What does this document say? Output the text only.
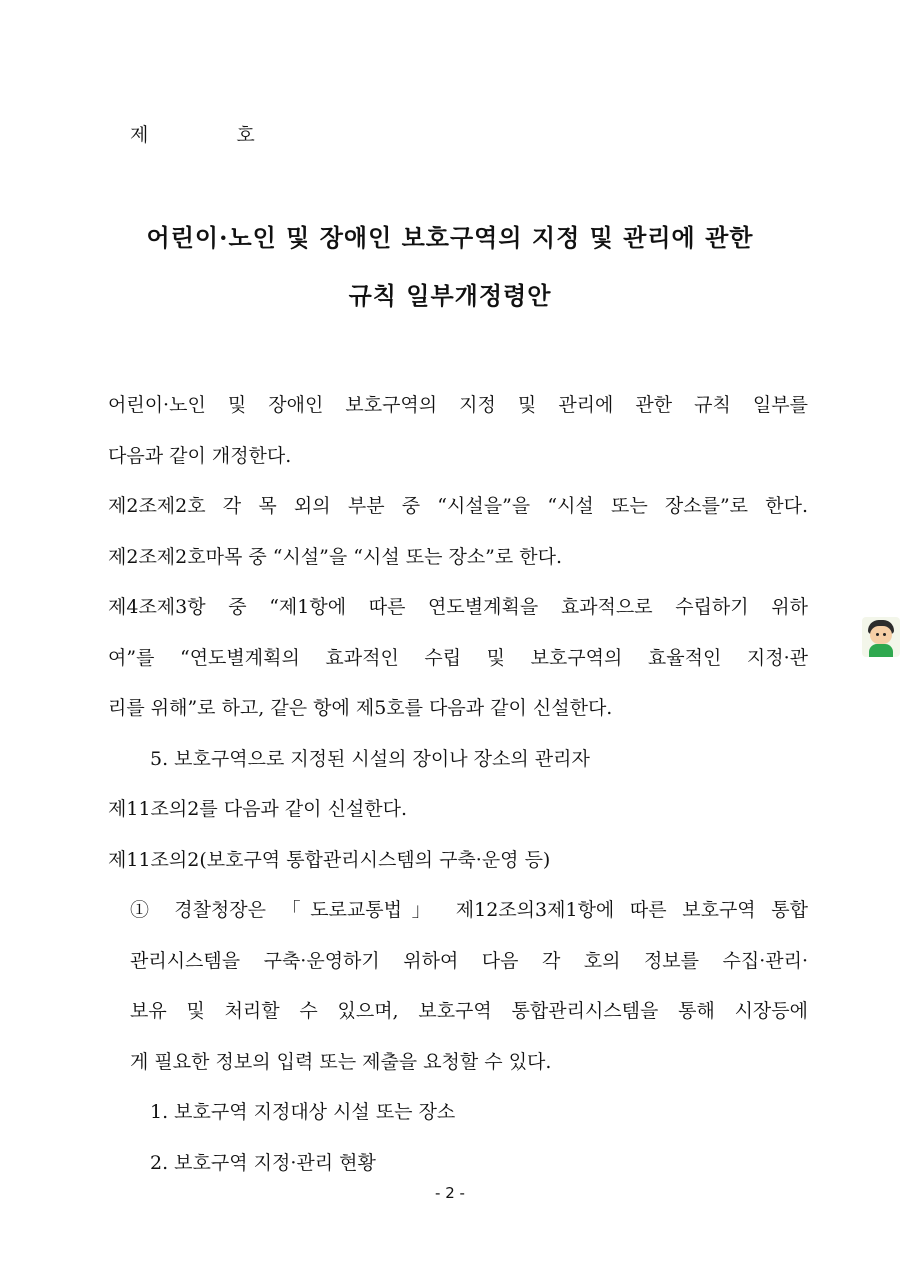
제	호
어린이·노인 및 장애인 보호구역의 지정 및 관리에 관한
규칙 일부개정령안
어린이·노인 및 장애인 보호구역의 지정 및 관리에 관한 규칙 일부를
다음과 같이 개정한다.
제2조제2호 각 목 외의 부분 중 “시설을”을 “시설 또는 장소를”로 한다.
제2조제2호마목 중 “시설”을 “시설 또는 장소”로 한다.
제4조제3항 중 “제1항에 따른 연도별계획을 효과적으로 수립하기 위하
여”를 “연도별계획의 효과적인 수립 및 보호구역의 효율적인 지정·관
리를 위해”로 하고, 같은 항에 제5호를 다음과 같이 신설한다.
5. 보호구역으로 지정된 시설의 장이나 장소의 관리자
제11조의2를 다음과 같이 신설한다.
제11조의2(보호구역 통합관리시스템의 구축·운영 등)
① 경찰청장은 「도로교통법」 제12조의3제1항에 따른 보호구역 통합
관리시스템을 구축·운영하기 위하여 다음 각 호의 정보를 수집·관리·
보유 및 처리할 수 있으며, 보호구역 통합관리시스템을 통해 시장등에
게 필요한 정보의 입력 또는 제출을 요청할 수 있다.
1. 보호구역 지정대상 시설 또는 장소
2. 보호구역 지정·관리 현황
- 2 -
